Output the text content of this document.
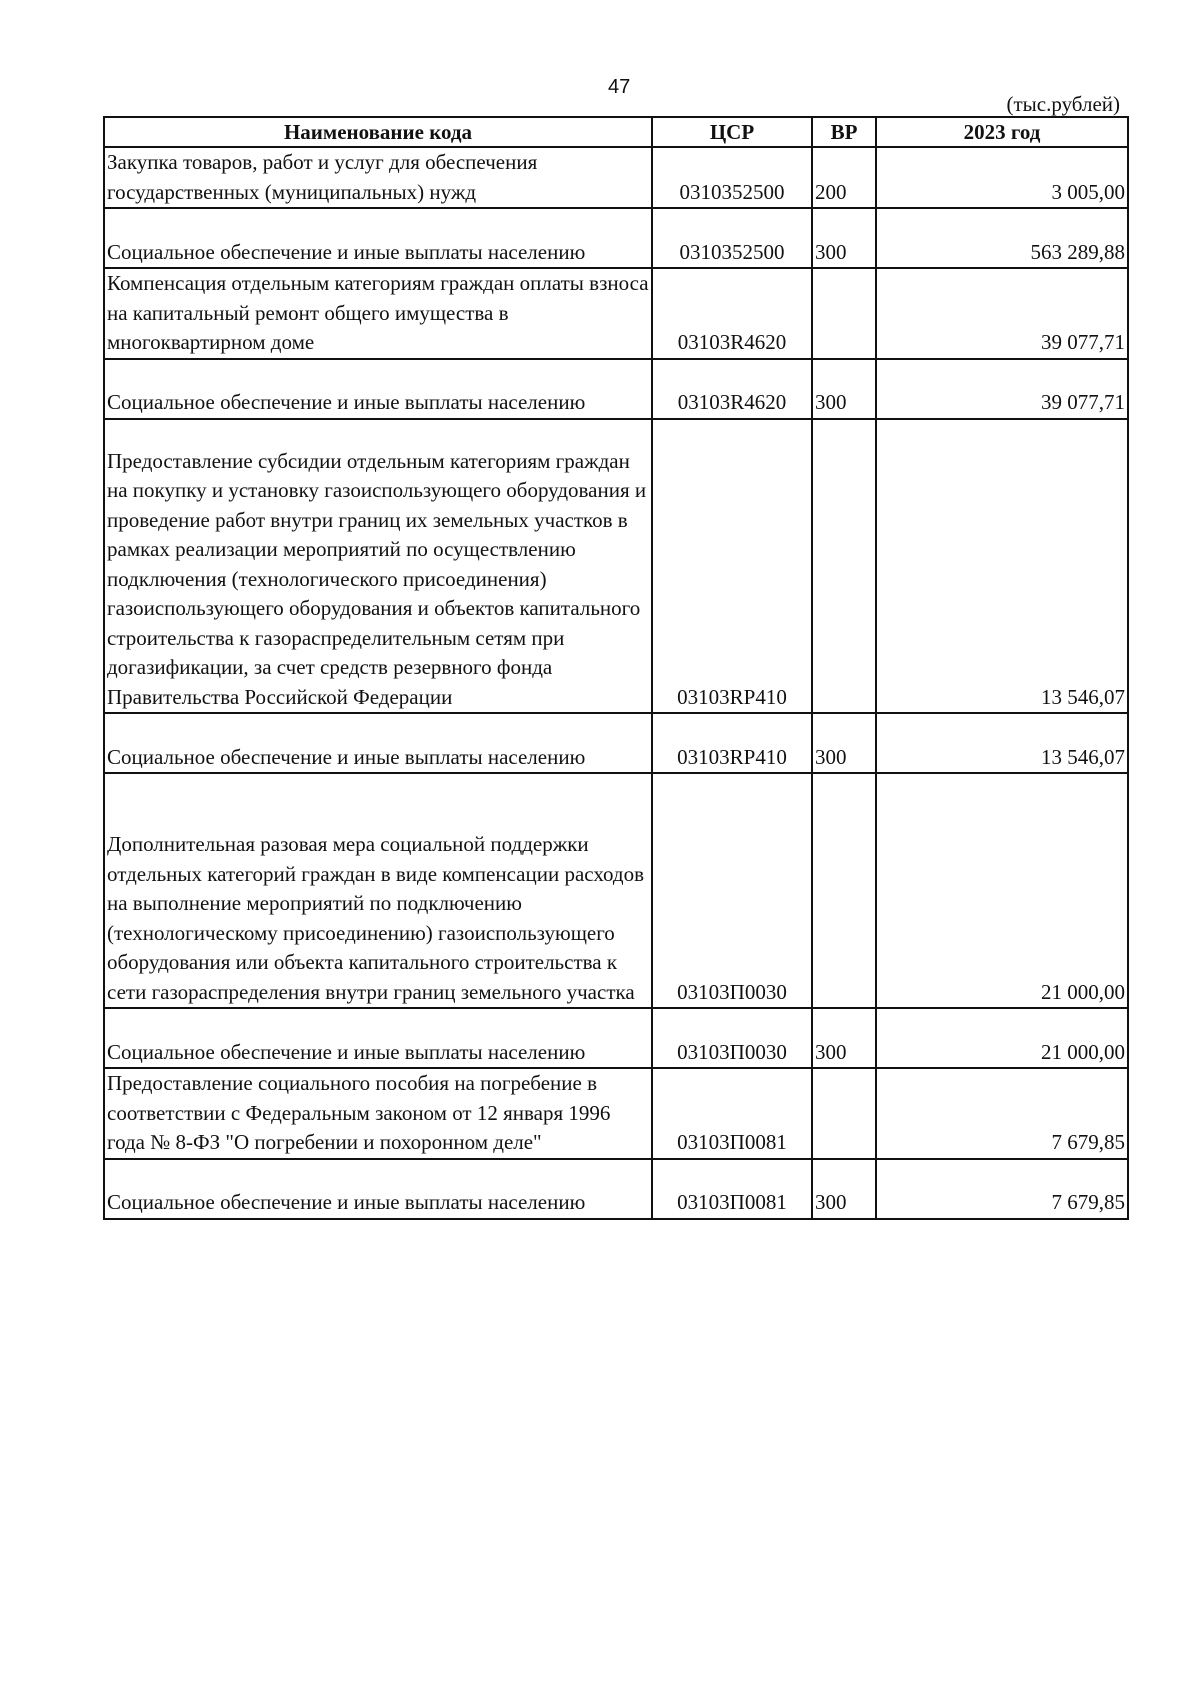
47
(тыс.рублей)
Наименование кода	ЦСР	ВР	2023 год
Закупка товаров, работ и услуг для обеспечения государственных (муниципальных) нужд	0310352500	200	3 005,00
Социальное обеспечение и иные выплаты населению	0310352500	300	563 289,88
Компенсация отдельным категориям граждан оплаты взноса на капитальный ремонт общего имущества в многоквартирном доме	03103R4620		39 077,71
Социальное обеспечение и иные выплаты населению	03103R4620	300	39 077,71
Предоставление субсидии отдельным категориям граждан на покупку и установку газоиспользующего оборудования и проведение работ внутри границ их земельных участков в рамках реализации мероприятий по осуществлению подключения (технологического присоединения) газоиспользующего оборудования и объектов капитального строительства к газораспределительным сетям при догазификации, за счет средств резервного фонда Правительства Российской Федерации	03103RP410		13 546,07
Социальное обеспечение и иные выплаты населению	03103RP410	300	13 546,07
Дополнительная разовая мера социальной поддержки отдельных категорий граждан в виде компенсации расходов на выполнение мероприятий по подключению (технологическому присоединению) газоиспользующего оборудования или объекта капитального строительства к сети газораспределения внутри границ земельного участка	03103П0030		21 000,00
Социальное обеспечение и иные выплаты населению	03103П0030	300	21 000,00
Предоставление социального пособия на погребение в соответствии с Федеральным законом от 12 января 1996 года № 8-ФЗ "О погребении и похоронном деле"	03103П0081		7 679,85
Социальное обеспечение и иные выплаты населению	03103П0081	300	7 679,85
